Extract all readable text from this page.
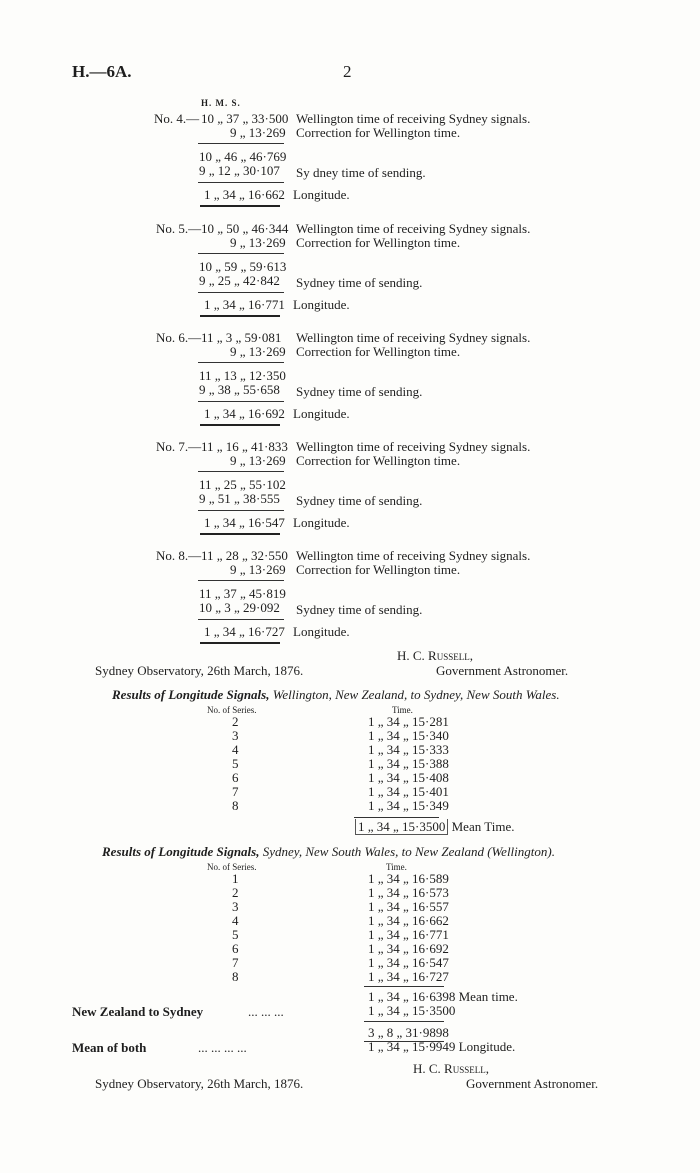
H.—6A.	2
H. M. S.
No. 4.— 10 „ 37 „ 33·500 Wellington time of receiving Sydney signals.
9 „ 13·269 Correction for Wellington time.
10 „ 46 „ 46·769
9 „ 12 „ 30·107 Sy dney time of sending.
1 „ 34 „ 16·662 Longitude.
No. 5.— 10 „ 50 „ 46·344 Wellington time of receiving Sydney signals.
9 „ 13·269 Correction for Wellington time.
10 „ 59 „ 59·613
9 „ 25 „ 42·842 Sydney time of sending.
1 „ 34 „ 16·771 Longitude.
No. 6.— 11 „ 3 „ 59·081 Wellington time of receiving Sydney signals.
9 „ 13·269 Correction for Wellington time.
11 „ 13 „ 12·350
9 „ 38 „ 55·658 Sydney time of sending.
1 „ 34 „ 16·692 Longitude.
No. 7.— 11 „ 16 „ 41·833 Wellington time of receiving Sydney signals.
9 „ 13·269 Correction for Wellington time.
11 „ 25 „ 55·102
9 „ 51 „ 38·555 Sydney time of sending.
1 „ 34 „ 16·547 Longitude.
No. 8.— 11 „ 28 „ 32·550 Wellington time of receiving Sydney signals.
9 „ 13·269 Correction for Wellington time.
11 „ 37 „ 45·819
10 „ 3 „ 29·092 Sydney time of sending.
1 „ 34 „ 16·727 Longitude.
H. C. Russell,
Sydney Observatory, 26th March, 1876.	Government Astronomer.
Results of Longitude Signals, Wellington, New Zealand, to Sydney, New South Wales.
No. of Series.	Time.
2	1 „ 34 „ 15·281
3	1 „ 34 „ 15·340
4	1 „ 34 „ 15·333
5	1 „ 34 „ 15·388
6	1 „ 34 „ 15·408
7	1 „ 34 „ 15·401
8	1 „ 34 „ 15·349
1 „ 34 „ 15·3500 Mean Time.
Results of Longitude Signals, Sydney, New South Wales, to New Zealand (Wellington).
No. of Series.	Time.
1	1 „ 34 „ 16·589
2	1 „ 34 „ 16·573
3	1 „ 34 „ 16·557
4	1 „ 34 „ 16·662
5	1 „ 34 „ 16·771
6	1 „ 34 „ 16·692
7	1 „ 34 „ 16·547
8	1 „ 34 „ 16·727
1 „ 34 „ 16·6398 Mean time.
New Zealand to Sydney	... ... ...	1 „ 34 „ 15·3500
3 „ 8 „ 31·9898
Mean of both	... ... ... ...	1 „ 34 „ 15·9949 Longitude.
H. C. Russell,
Sydney Observatory, 26th March, 1876.	Government Astronomer.
